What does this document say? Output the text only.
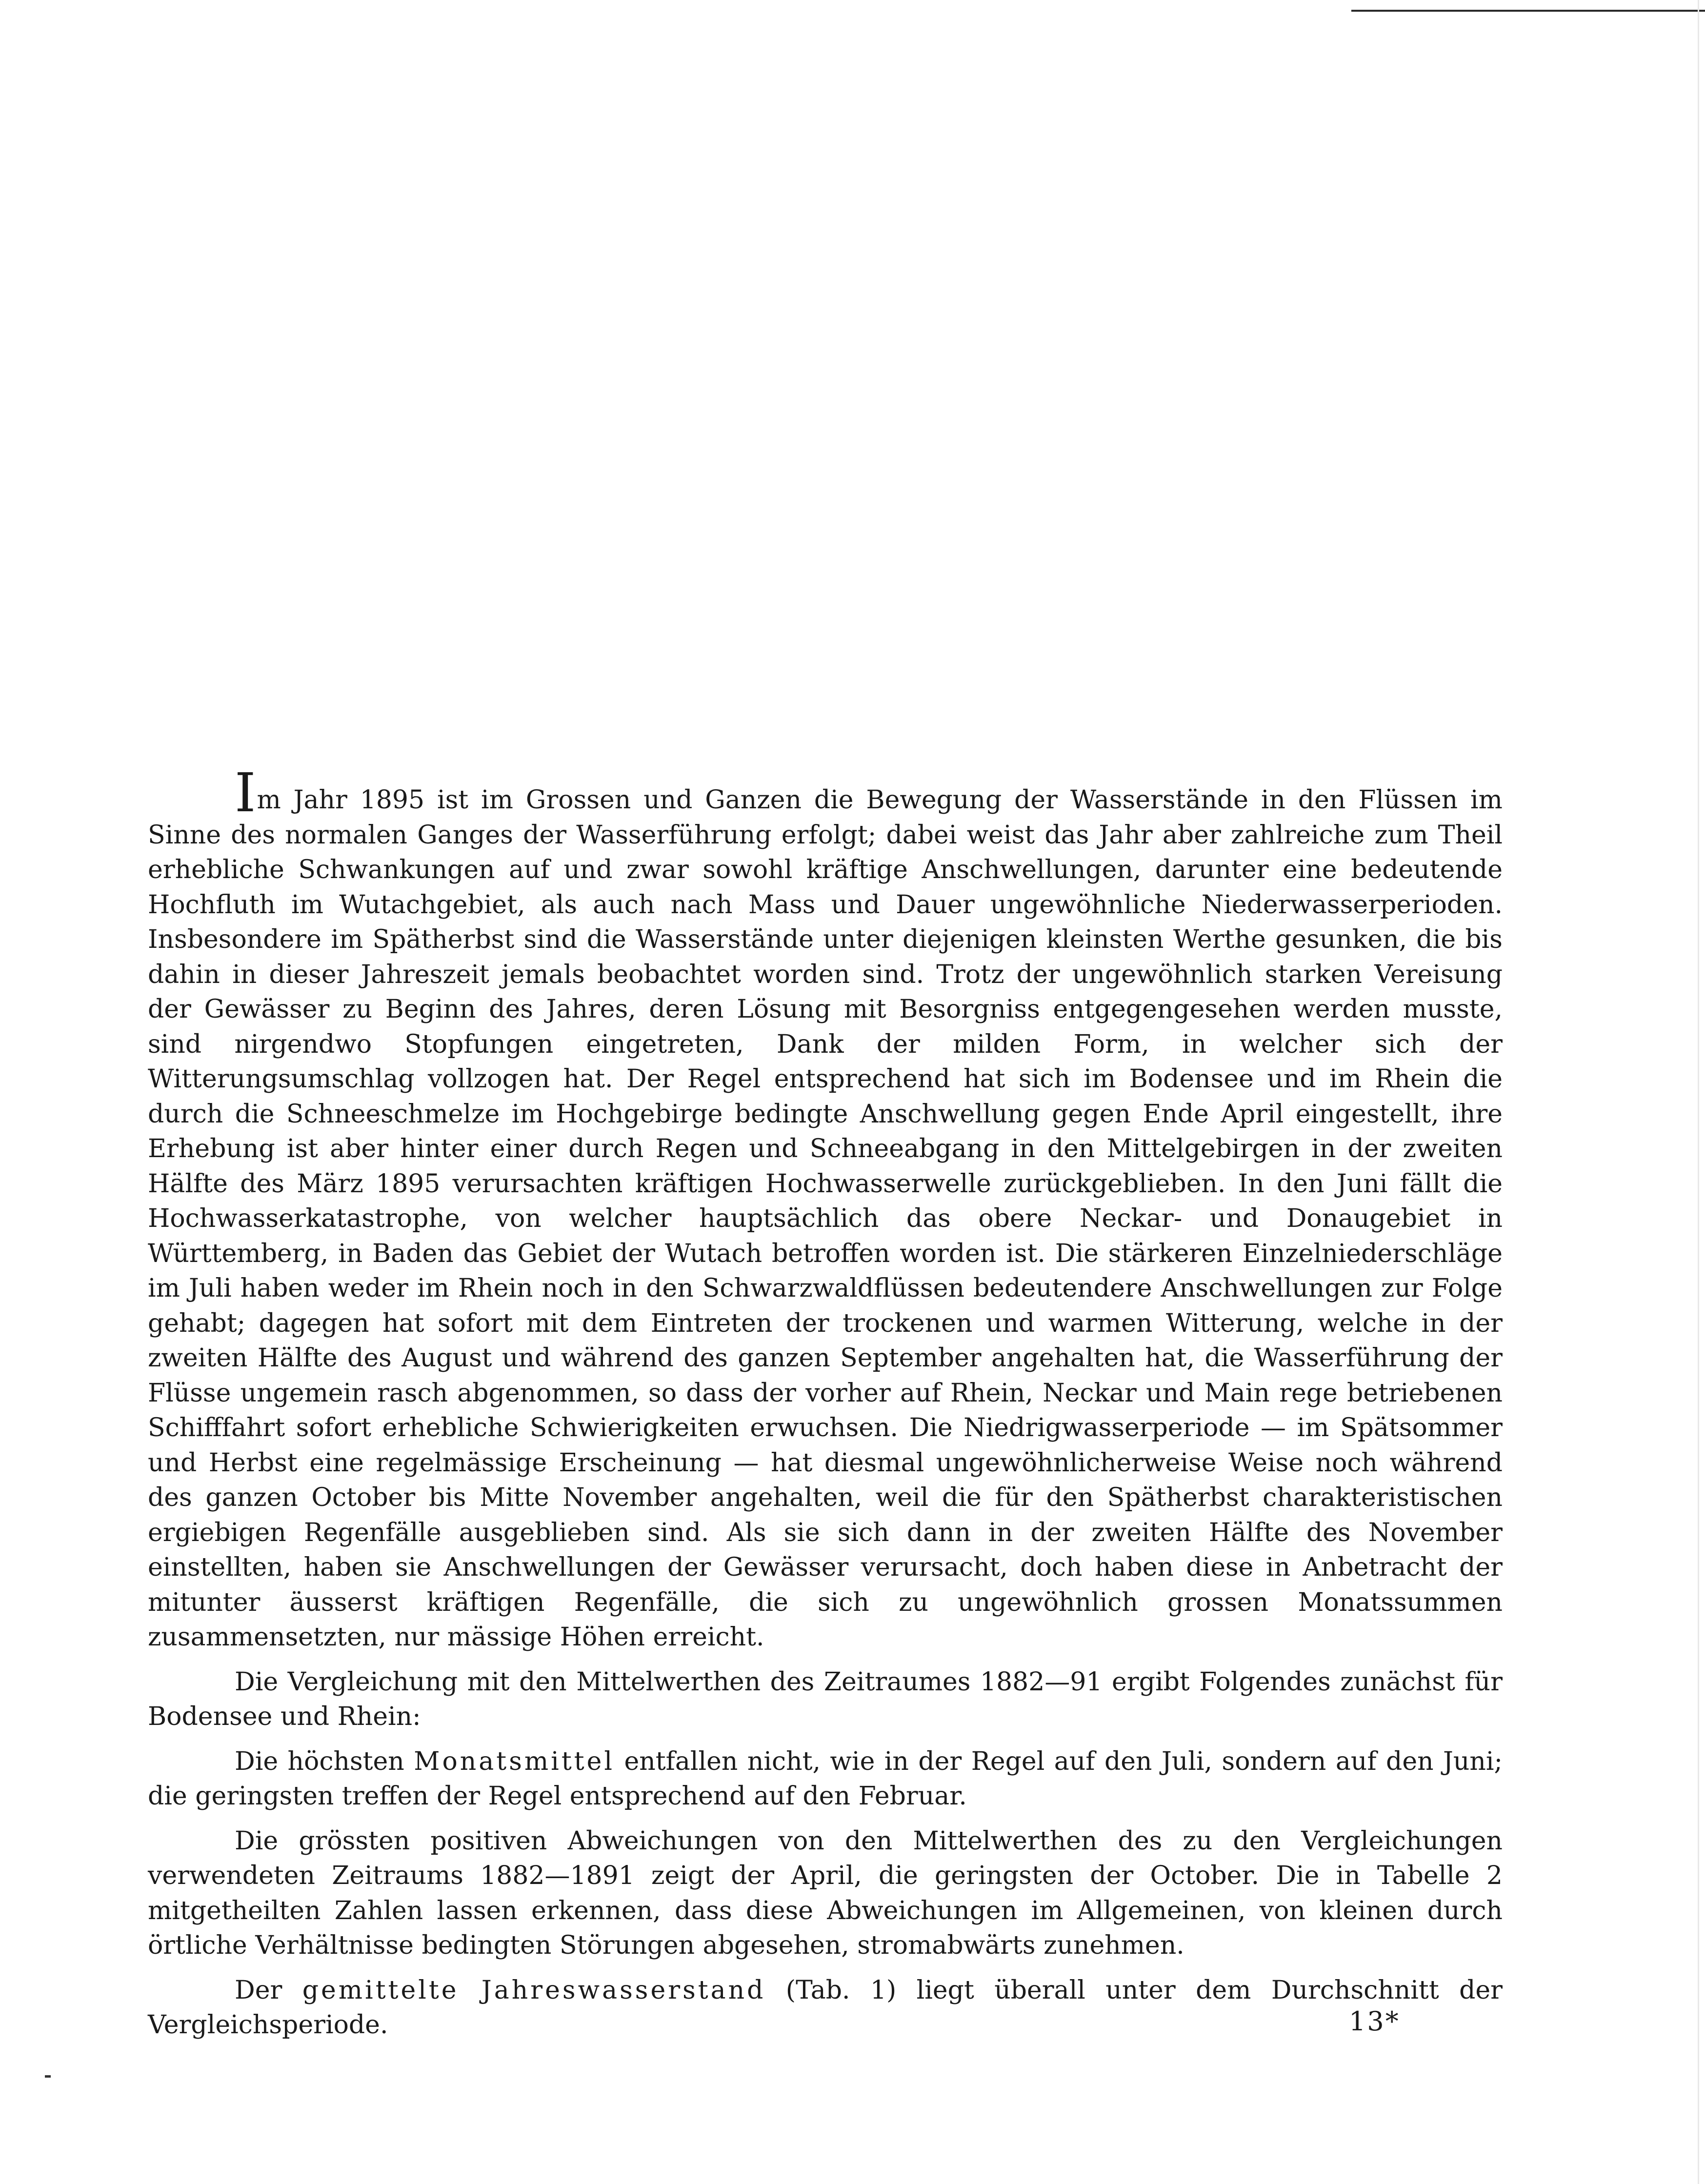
Im Jahr 1895 ist im Grossen und Ganzen die Bewegung der Wasserstände in den Flüssen im Sinne des normalen Ganges der Wasserführung erfolgt; dabei weist das Jahr aber zahlreiche zum Theil erhebliche Schwankungen auf und zwar sowohl kräftige Anschwellungen, darunter eine bedeutende Hochfluth im Wutachgebiet, als auch nach Mass und Dauer ungewöhnliche Niederwasserperioden. Insbesondere im Spätherbst sind die Wasserstände unter diejenigen kleinsten Werthe gesunken, die bis dahin in dieser Jahreszeit jemals beobachtet worden sind. Trotz der ungewöhnlich starken Vereisung der Gewässer zu Beginn des Jahres, deren Lösung mit Besorgniss entgegengesehen werden musste, sind nirgendwo Stopfungen eingetreten, Dank der milden Form, in welcher sich der Witterungsumschlag vollzogen hat. Der Regel entsprechend hat sich im Bodensee und im Rhein die durch die Schneeschmelze im Hochgebirge bedingte Anschwellung gegen Ende April eingestellt, ihre Erhebung ist aber hinter einer durch Regen und Schneeabgang in den Mittelgebirgen in der zweiten Hälfte des März 1895 verursachten kräftigen Hochwasserwelle zurückgeblieben. In den Juni fällt die Hochwasserkatastrophe, von welcher hauptsächlich das obere Neckar- und Donaugebiet in Württemberg, in Baden das Gebiet der Wutach betroffen worden ist. Die stärkeren Einzelniederschläge im Juli haben weder im Rhein noch in den Schwarzwaldflüssen bedeutendere Anschwellungen zur Folge gehabt; dagegen hat sofort mit dem Eintreten der trockenen und warmen Witterung, welche in der zweiten Hälfte des August und während des ganzen September angehalten hat, die Wasserführung der Flüsse ungemein rasch abgenommen, so dass der vorher auf Rhein, Neckar und Main rege betriebenen Schifffahrt sofort erhebliche Schwierigkeiten erwuchsen. Die Niedrigwasserperiode — im Spätsommer und Herbst eine regelmässige Erscheinung — hat diesmal ungewöhnlicherweise Weise noch während des ganzen October bis Mitte November angehalten, weil die für den Spätherbst charakteristischen ergiebigen Regenfälle ausgeblieben sind. Als sie sich dann in der zweiten Hälfte des November einstellten, haben sie Anschwellungen der Gewässer verursacht, doch haben diese in Anbetracht der mitunter äusserst kräftigen Regenfälle, die sich zu ungewöhnlich grossen Monatssummen zusammensetzten, nur mässige Höhen erreicht.

Die Vergleichung mit den Mittelwerthen des Zeitraumes 1882—91 ergibt Folgendes zunächst für Bodensee und Rhein:

Die höchsten Monatsmittel entfallen nicht, wie in der Regel auf den Juli, sondern auf den Juni; die geringsten treffen der Regel entsprechend auf den Februar.

Die grössten positiven Abweichungen von den Mittelwerthen des zu den Vergleichungen verwendeten Zeitraums 1882—1891 zeigt der April, die geringsten der October. Die in Tabelle 2 mitgetheilten Zahlen lassen erkennen, dass diese Abweichungen im Allgemeinen, von kleinen durch örtliche Verhältnisse bedingten Störungen abgesehen, stromabwärts zunehmen.

Der gemittelte Jahreswasserstand (Tab. 1) liegt überall unter dem Durchschnitt der Vergleichsperiode.	13*
